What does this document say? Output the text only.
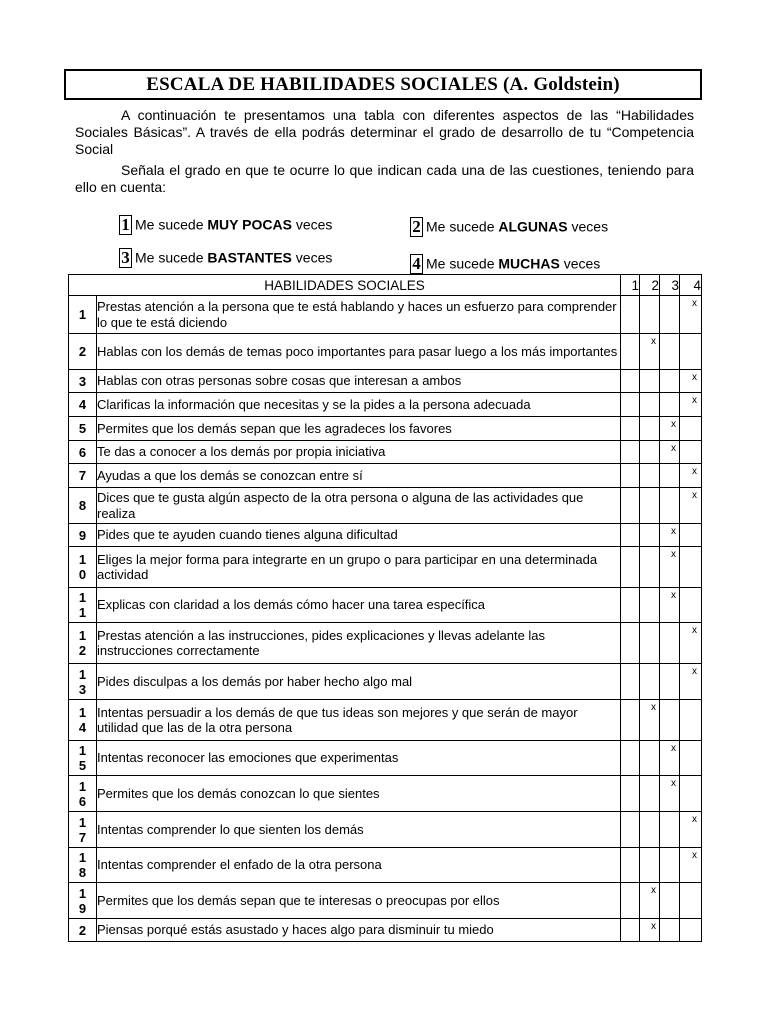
ESCALA DE HABILIDADES SOCIALES (A. Goldstein)
A continuación te presentamos una tabla con diferentes aspectos de las “Habilidades Sociales Básicas”. A través de ella podrás determinar el grado de desarrollo de tu “Competencia Social
Señala el grado en que te ocurre lo que indican cada una de las cuestiones, teniendo para ello en cuenta:
1 Me sucede MUY POCAS veces	2 Me sucede ALGUNAS veces
3 Me sucede BASTANTES veces	4 Me sucede MUCHAS veces
HABILIDADES SOCIALES		1	2	3	4

1	Prestas atención a la persona que te está hablando y haces un esfuerzo para comprender lo que te está diciendo				x

2	Hablas con los demás de temas poco importantes para pasar luego a los más importantes		x		

3	Hablas con otras personas sobre cosas que interesan a ambos				x

4	Clarificas la información que necesitas y se la pides a la persona adecuada				x

5	Permites que los demás sepan que les agradeces los favores			x	

6	Te das a conocer a los demás por propia iniciativa			x	

7	Ayudas a que los demás se conozcan entre sí				x

8	Dices que te gusta algún aspecto de la otra persona o alguna de las actividades que realiza				x

9	Pides que te ayuden cuando tienes alguna dificultad			x	

1
0	Eliges la mejor forma para integrarte en un grupo o para participar en una determinada actividad			x	

1
1	Explicas con claridad a los demás cómo hacer una tarea específica			x	

1
2	Prestas atención a las instrucciones, pides explicaciones y llevas adelante las instrucciones correctamente				x

1
3	Pides disculpas a los demás por haber hecho algo mal				x

1
4	Intentas persuadir a los demás de que tus ideas son mejores y que serán de mayor utilidad que las de la otra persona		x		

1
5	Intentas reconocer las emociones que experimentas			x	

1
6	Permites que los demás conozcan lo que sientes			x	

1
7	Intentas comprender lo que sienten los demás				x

1
8	Intentas comprender el enfado de la otra persona				x

1
9	Permites que los demás sepan que te interesas o preocupas por ellos		x		

2	Piensas porqué estás asustado y haces algo para disminuir tu miedo		x		
